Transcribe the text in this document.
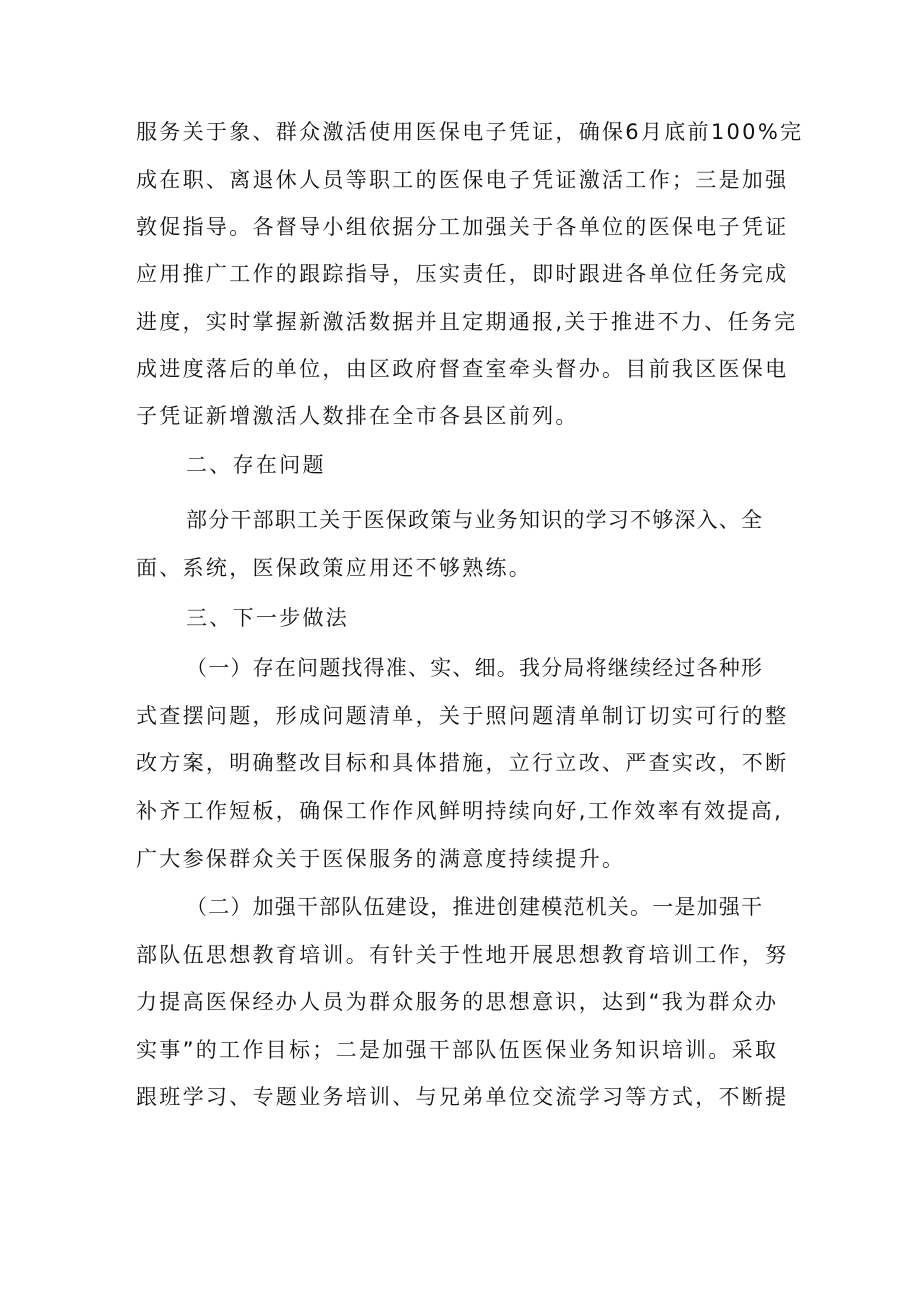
服务关于象、群众激活使用医保电子凭证，确保6月底前100%完
成在职、离退休人员等职工的医保电子凭证激活工作；三是加强
敦促指导。各督导小组依据分工加强关于各单位的医保电子凭证
应用推广工作的跟踪指导，压实责任，即时跟进各单位任务完成
进度，实时掌握新激活数据并且定期通报,关于推进不力、任务完
成进度落后的单位，由区政府督查室牵头督办。目前我区医保电
子凭证新增激活人数排在全市各县区前列。
二、存在问题
部分干部职工关于医保政策与业务知识的学习不够深入、全
面、系统，医保政策应用还不够熟练。
三、下一步做法
（一）存在问题找得准、实、细。我分局将继续经过各种形
式查摆问题，形成问题清单，关于照问题清单制订切实可行的整
改方案，明确整改目标和具体措施，立行立改、严查实改，不断
补齐工作短板，确保工作作风鲜明持续向好,工作效率有效提高,
广大参保群众关于医保服务的满意度持续提升。
（二）加强干部队伍建设，推进创建模范机关。一是加强干
部队伍思想教育培训。有针关于性地开展思想教育培训工作，努
力提高医保经办人员为群众服务的思想意识，达到“我为群众办
实事”的工作目标；二是加强干部队伍医保业务知识培训。采取
跟班学习、专题业务培训、与兄弟单位交流学习等方式，不断提
